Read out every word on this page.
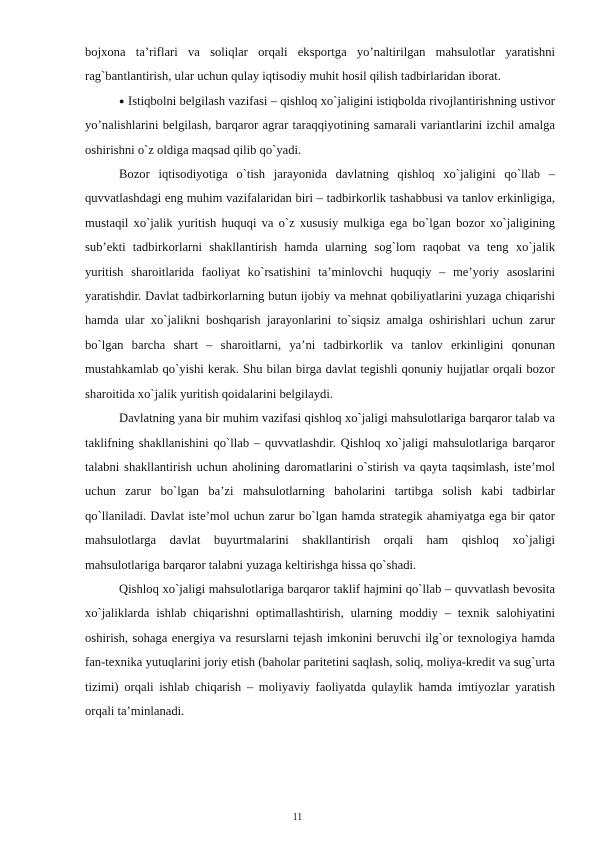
bojxona ta’riflari va soliqlar orqali eksportga yo’naltirilgan mahsulotlar yaratishni rag`bantlantirish, ular uchun qulay iqtisodiy muhit hosil qilish tadbirlaridan iborat.

● Istiqbolni belgilash vazifasi – qishloq xo`jaligini istiqbolda rivojlantirishning ustivor yo’nalishlarini belgilash, barqaror agrar taraqqiyotining samarali variantlarini izchil amalga oshirishni o`z oldiga maqsad qilib qo`yadi.

Bozor iqtisodiyotiga o`tish jarayonida davlatning qishloq xo`jaligini qo`llab – quvvatlashdagi eng muhim vazifalaridan biri – tadbirkorlik tashabbusi va tanlov erkinligiga, mustaqil xo`jalik yuritish huquqi va o`z xususiy mulkiga ega bo`lgan bozor xo`jaligining sub’ekti tadbirkorlarni shakllantirish hamda ularning sog`lom raqobat va teng xo`jalik yuritish sharoitlarida faoliyat ko`rsatishini ta’minlovchi huquqiy – me’yoriy asoslarini yaratishdir. Davlat tadbirkorlarning butun ijobiy va mehnat qobiliyatlarini yuzaga chiqarishi hamda ular xo`jalikni boshqarish jarayonlarini to`siqsiz amalga oshirishlari uchun zarur bo`lgan barcha shart – sharoitlarni, ya’ni tadbirkorlik va tanlov erkinligini qonunan mustahkamlab qo`yishi kerak. Shu bilan birga davlat tegishli qonuniy hujjatlar orqali bozor sharoitida xo`jalik yuritish qoidalarini belgilaydi.

Davlatning yana bir muhim vazifasi qishloq xo`jaligi mahsulotlariga barqaror talab va taklifning shakllanishini qo`llab – quvvatlashdir. Qishloq xo`jaligi mahsulotlariga barqaror talabni shakllantirish uchun aholining daromatlarini o`stirish va qayta taqsimlash, iste’mol uchun zarur bo`lgan ba’zi mahsulotlarning baholarini tartibga solish kabi tadbirlar qo`llaniladi. Davlat iste’mol uchun zarur bo`lgan hamda strategik ahamiyatga ega bir qator mahsulotlarga davlat buyurtmalarini shakllantirish orqali ham qishloq xo`jaligi mahsulotlariga barqaror talabni yuzaga keltirishga hissa qo`shadi.

Qishloq xo`jaligi mahsulotlariga barqaror taklif hajmini qo`llab – quvvatlash bevosita xo`jaliklarda ishlab chiqarishni optimallashtirish, ularning moddiy – texnik salohiyatini oshirish, sohaga energiya va resurslarni tejash imkonini beruvchi ilg`or texnologiya hamda fan-texnika yutuqlarini joriy etish (baholar paritetini saqlash, soliq, moliya-kredit va sug`urta tizimi) orqali ishlab chiqarish – moliyaviy faoliyatda qulaylik hamda imtiyozlar yaratish orqali ta’minlanadi.

11
